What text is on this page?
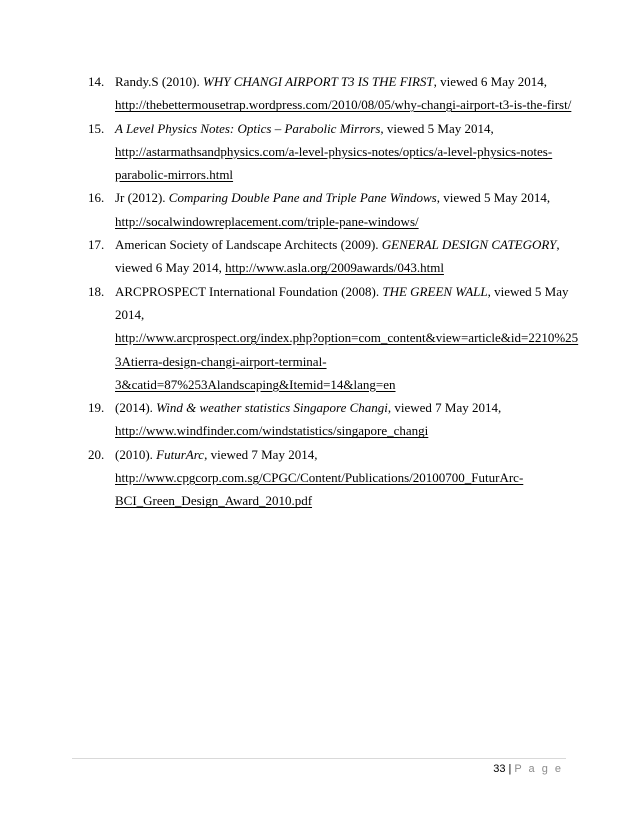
14. Randy.S (2010). WHY CHANGI AIRPORT T3 IS THE FIRST, viewed 6 May 2014,
http://thebettermousetrap.wordpress.com/2010/08/05/why-changi-airport-t3-is-the-first/
15. A Level Physics Notes: Optics – Parabolic Mirrors, viewed 5 May 2014,
http://astarmathsandphysics.com/a-level-physics-notes/optics/a-level-physics-notes-
parabolic-mirrors.html
16. Jr (2012). Comparing Double Pane and Triple Pane Windows, viewed 5 May 2014,
http://socalwindowreplacement.com/triple-pane-windows/
17. American Society of Landscape Architects (2009). GENERAL DESIGN CATEGORY,
viewed 6 May 2014, http://www.asla.org/2009awards/043.html
18. ARCPROSPECT International Foundation (2008). THE GREEN WALL, viewed 5 May
2014,
http://www.arcprospect.org/index.php?option=com_content&view=article&id=2210%25
3Atierra-design-changi-airport-terminal-
3&catid=87%253Alandscaping&Itemid=14&lang=en
19. (2014). Wind & weather statistics Singapore Changi, viewed 7 May 2014,
http://www.windfinder.com/windstatistics/singapore_changi
20. (2010). FuturArc, viewed 7 May 2014,
http://www.cpgcorp.com.sg/CPGC/Content/Publications/20100700_FuturArc-
BCI_Green_Design_Award_2010.pdf
33 | P a g e
